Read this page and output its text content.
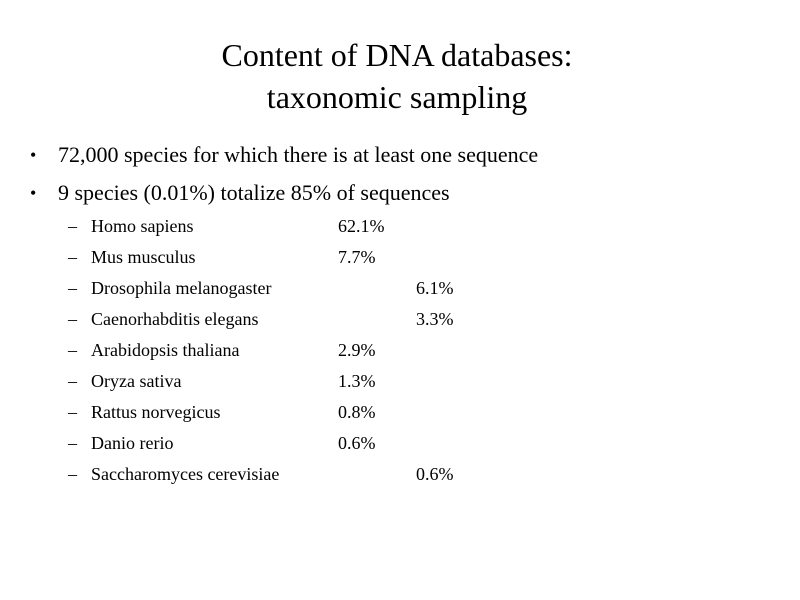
Content of DNA databases:
taxonomic sampling
• 72,000 species for which there is at least one sequence
• 9 species (0.01%) totalize 85% of sequences
– Homo sapiens	62.1%
– Mus musculus	7.7%
– Drosophila melanogaster	6.1%
– Caenorhabditis elegans	3.3%
– Arabidopsis thaliana	2.9%
– Oryza sativa	1.3%
– Rattus norvegicus	0.8%
– Danio rerio	0.6%
– Saccharomyces cerevisiae	0.6%
